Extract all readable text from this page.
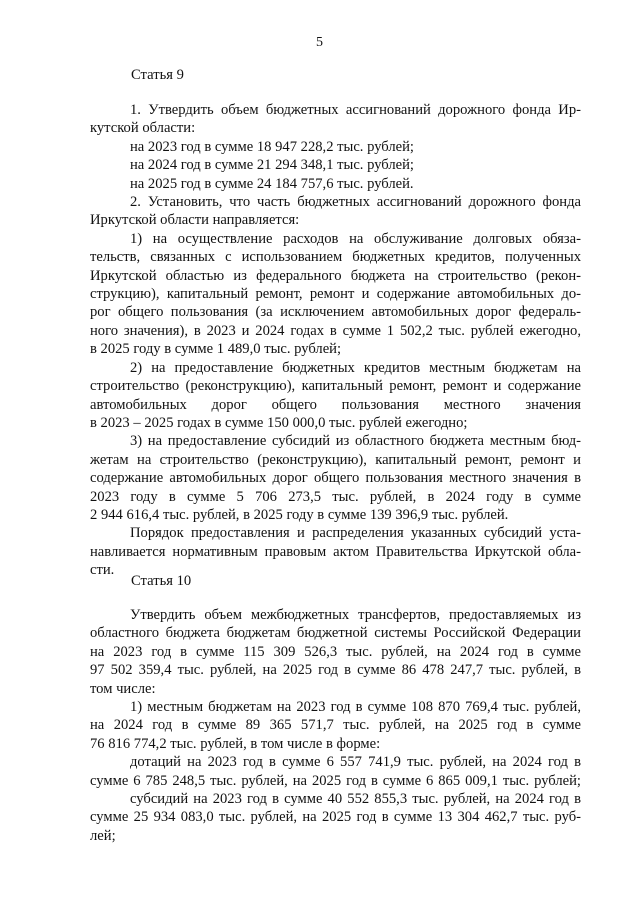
5
Статья 9

1. Утвердить объем бюджетных ассигнований дорожного фонда Ир-

кутской области:

на 2023 год в сумме 18 947 228,2 тыс. рублей;

на 2024 год в сумме 21 294 348,1 тыс. рублей;

на 2025 год в сумме 24 184 757,6 тыс. рублей.

2. Установить, что часть бюджетных ассигнований дорожного фонда

Иркутской области направляется:

1) на осуществление расходов на обслуживание долговых обяза-

тельств, связанных с использованием бюджетных кредитов, полученных

Иркутской областью из федерального бюджета на строительство (рекон-

струкцию), капитальный ремонт, ремонт и содержание автомобильных до-

рог общего пользования (за исключением автомобильных дорог федераль-

ного значения), в 2023 и 2024 годах в сумме 1 502,2 тыс. рублей ежегодно,

в 2025 году в сумме 1 489,0 тыс. рублей;

2) на предоставление бюджетных кредитов местным бюджетам на

строительство (реконструкцию), капитальный ремонт, ремонт и содержание

автомобильных дорог общего пользования местного значения

в 2023 – 2025 годах в сумме 150 000,0 тыс. рублей ежегодно;

3) на предоставление субсидий из областного бюджета местным бюд-

жетам на строительство (реконструкцию), капитальный ремонт, ремонт и

содержание автомобильных дорог общего пользования местного значения в

2023 году в сумме 5 706 273,5 тыс. рублей, в 2024 году в сумме

2 944 616,4 тыс. рублей, в 2025 году в сумме 139 396,9 тыс. рублей.

Порядок предоставления и распределения указанных субсидий уста-

навливается нормативным правовым актом Правительства Иркутской обла-

сти.

Статья 10

Утвердить объем межбюджетных трансфертов, предоставляемых из

областного бюджета бюджетам бюджетной системы Российской Федерации

на 2023 год в сумме 115 309 526,3 тыс. рублей, на 2024 год в сумме

97 502 359,4 тыс. рублей, на 2025 год в сумме 86 478 247,7 тыс. рублей, в

том числе:

1) местным бюджетам на 2023 год в сумме 108 870 769,4 тыс. рублей,

на 2024 год в сумме 89 365 571,7 тыс. рублей, на 2025 год в сумме

76 816 774,2 тыс. рублей, в том числе в форме:

дотаций на 2023 год в сумме 6 557 741,9 тыс. рублей, на 2024 год в

сумме 6 785 248,5 тыс. рублей, на 2025 год в сумме 6 865 009,1 тыс. рублей;

субсидий на 2023 год в сумме 40 552 855,3 тыс. рублей, на 2024 год в

сумме 25 934 083,0 тыс. рублей, на 2025 год в сумме 13 304 462,7 тыс. руб-

лей;
